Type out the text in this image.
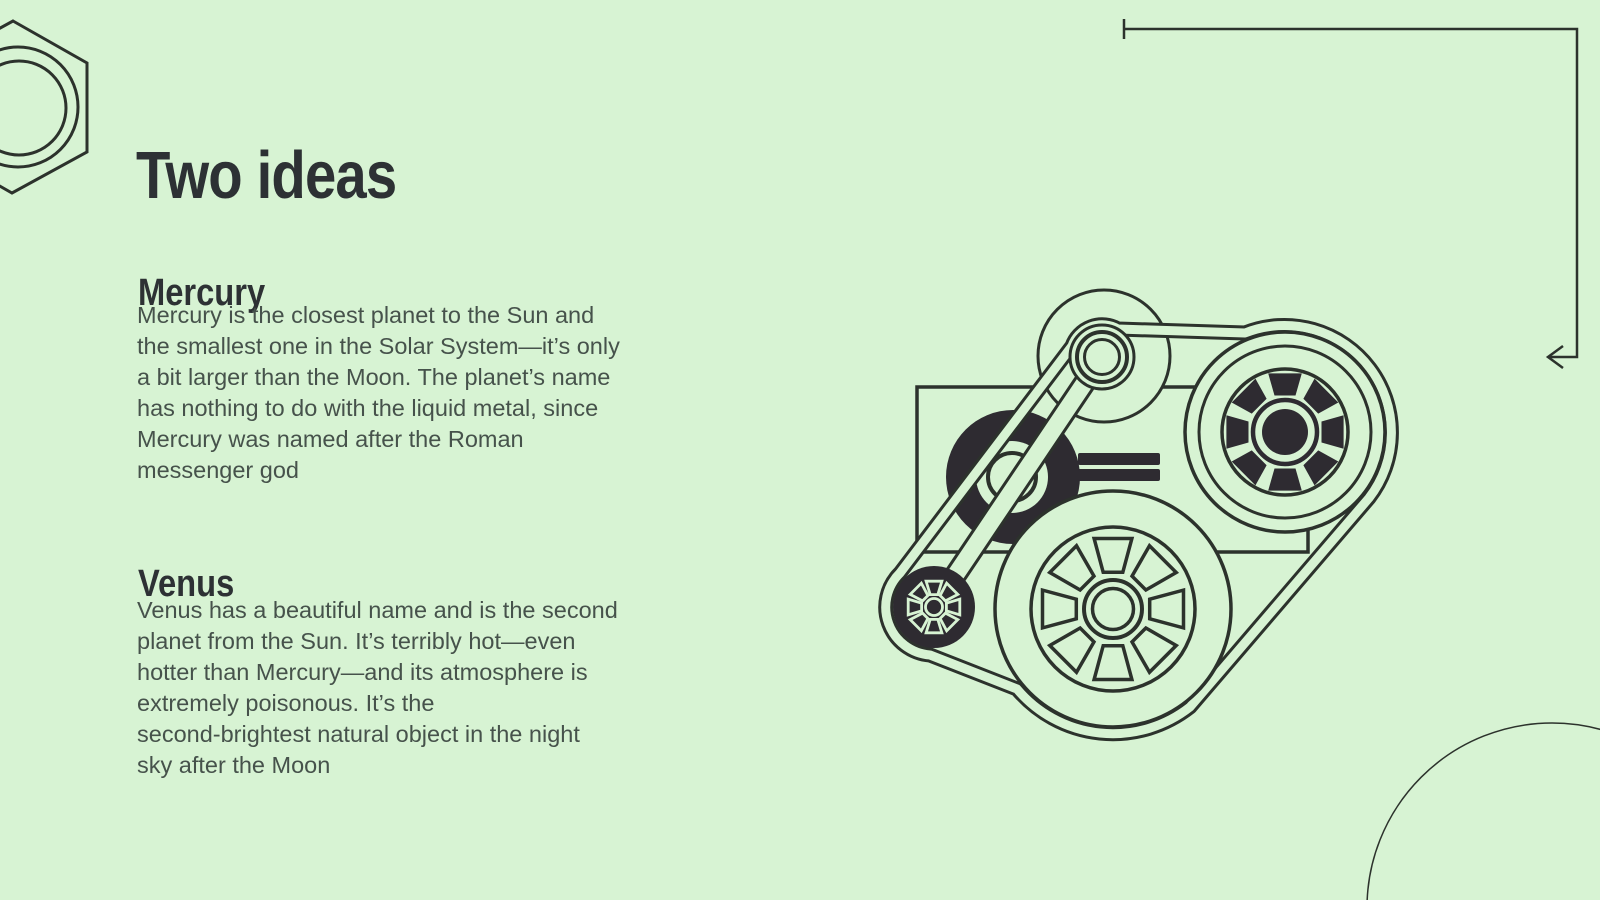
Two ideas
Mercury
Mercury is the closest planet to the Sun and
the smallest one in the Solar System—it’s only
a bit larger than the Moon. The planet’s name
has nothing to do with the liquid metal, since
Mercury was named after the Roman
messenger god
Venus
Venus has a beautiful name and is the second
planet from the Sun. It’s terribly hot—even
hotter than Mercury—and its atmosphere is
extremely poisonous. It’s the
second-brightest natural object in the night
sky after the Moon
